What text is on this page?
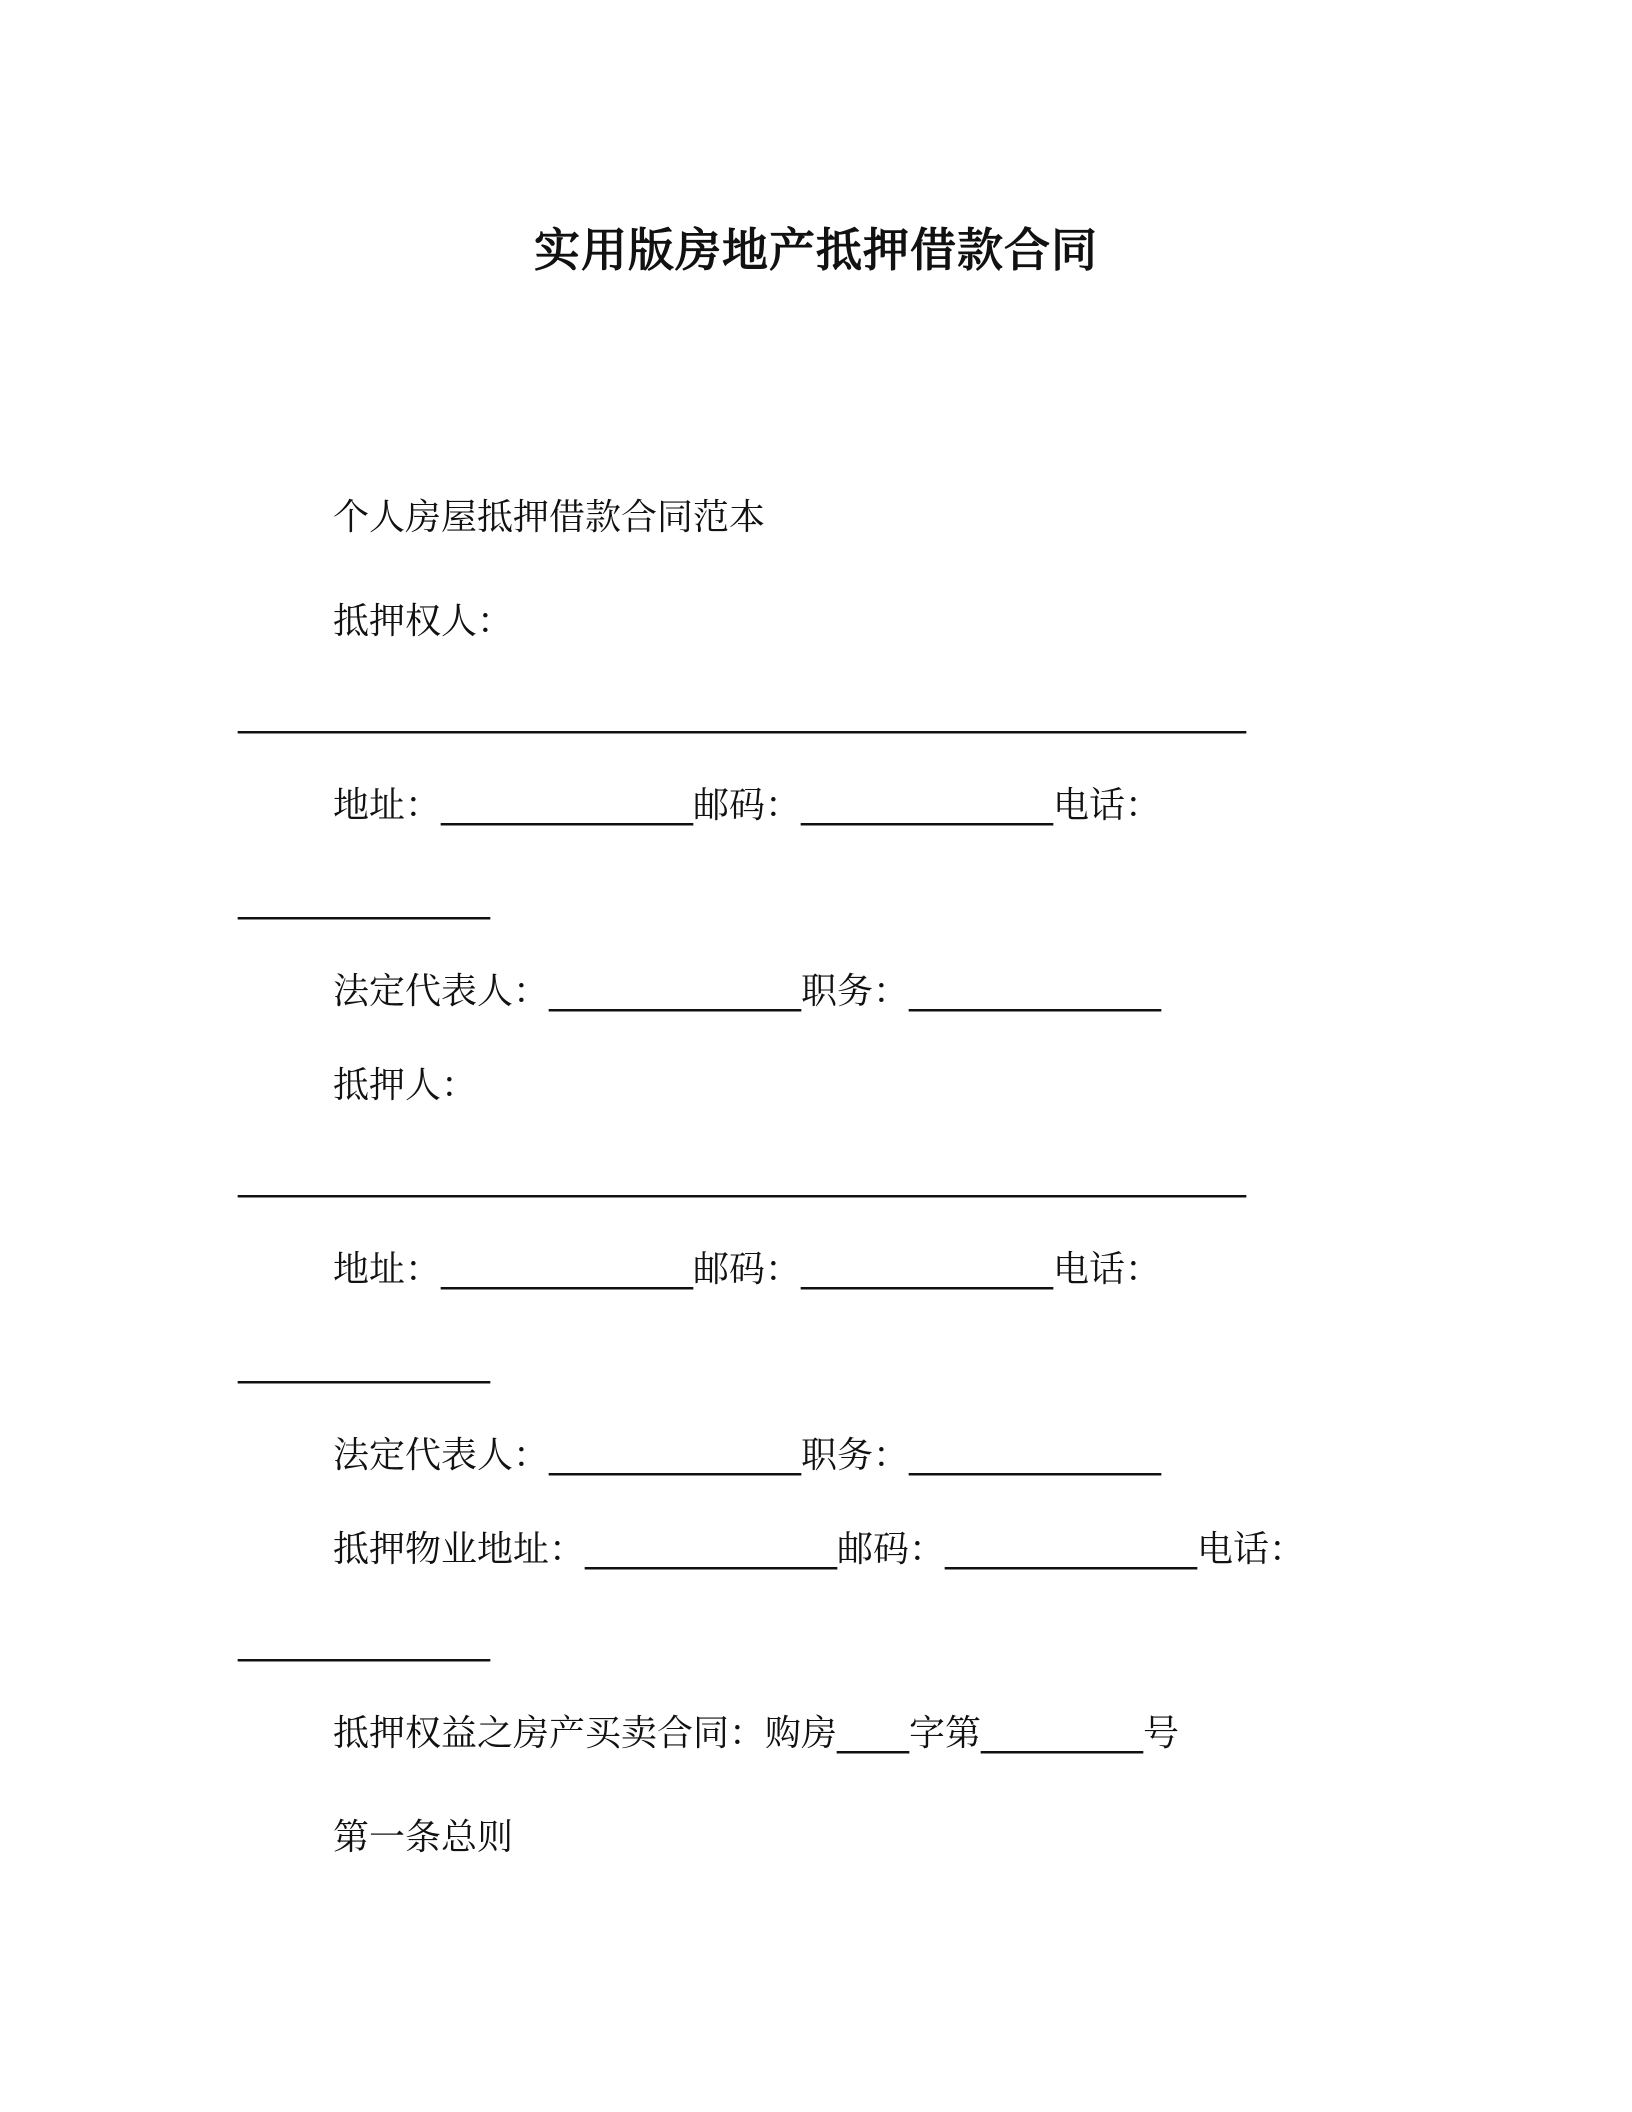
实用版房地产抵押借款合同
个人房屋抵押借款合同范本
抵押权人：
________________________________________________________
地址：______________邮码：______________电话：
______________
法定代表人：______________职务：______________
抵押人：
________________________________________________________
地址：______________邮码：______________电话：
______________
法定代表人：______________职务：______________
抵押物业地址：______________邮码：______________电话：
______________
抵押权益之房产买卖合同：购房____字第_________号
第一条总则
